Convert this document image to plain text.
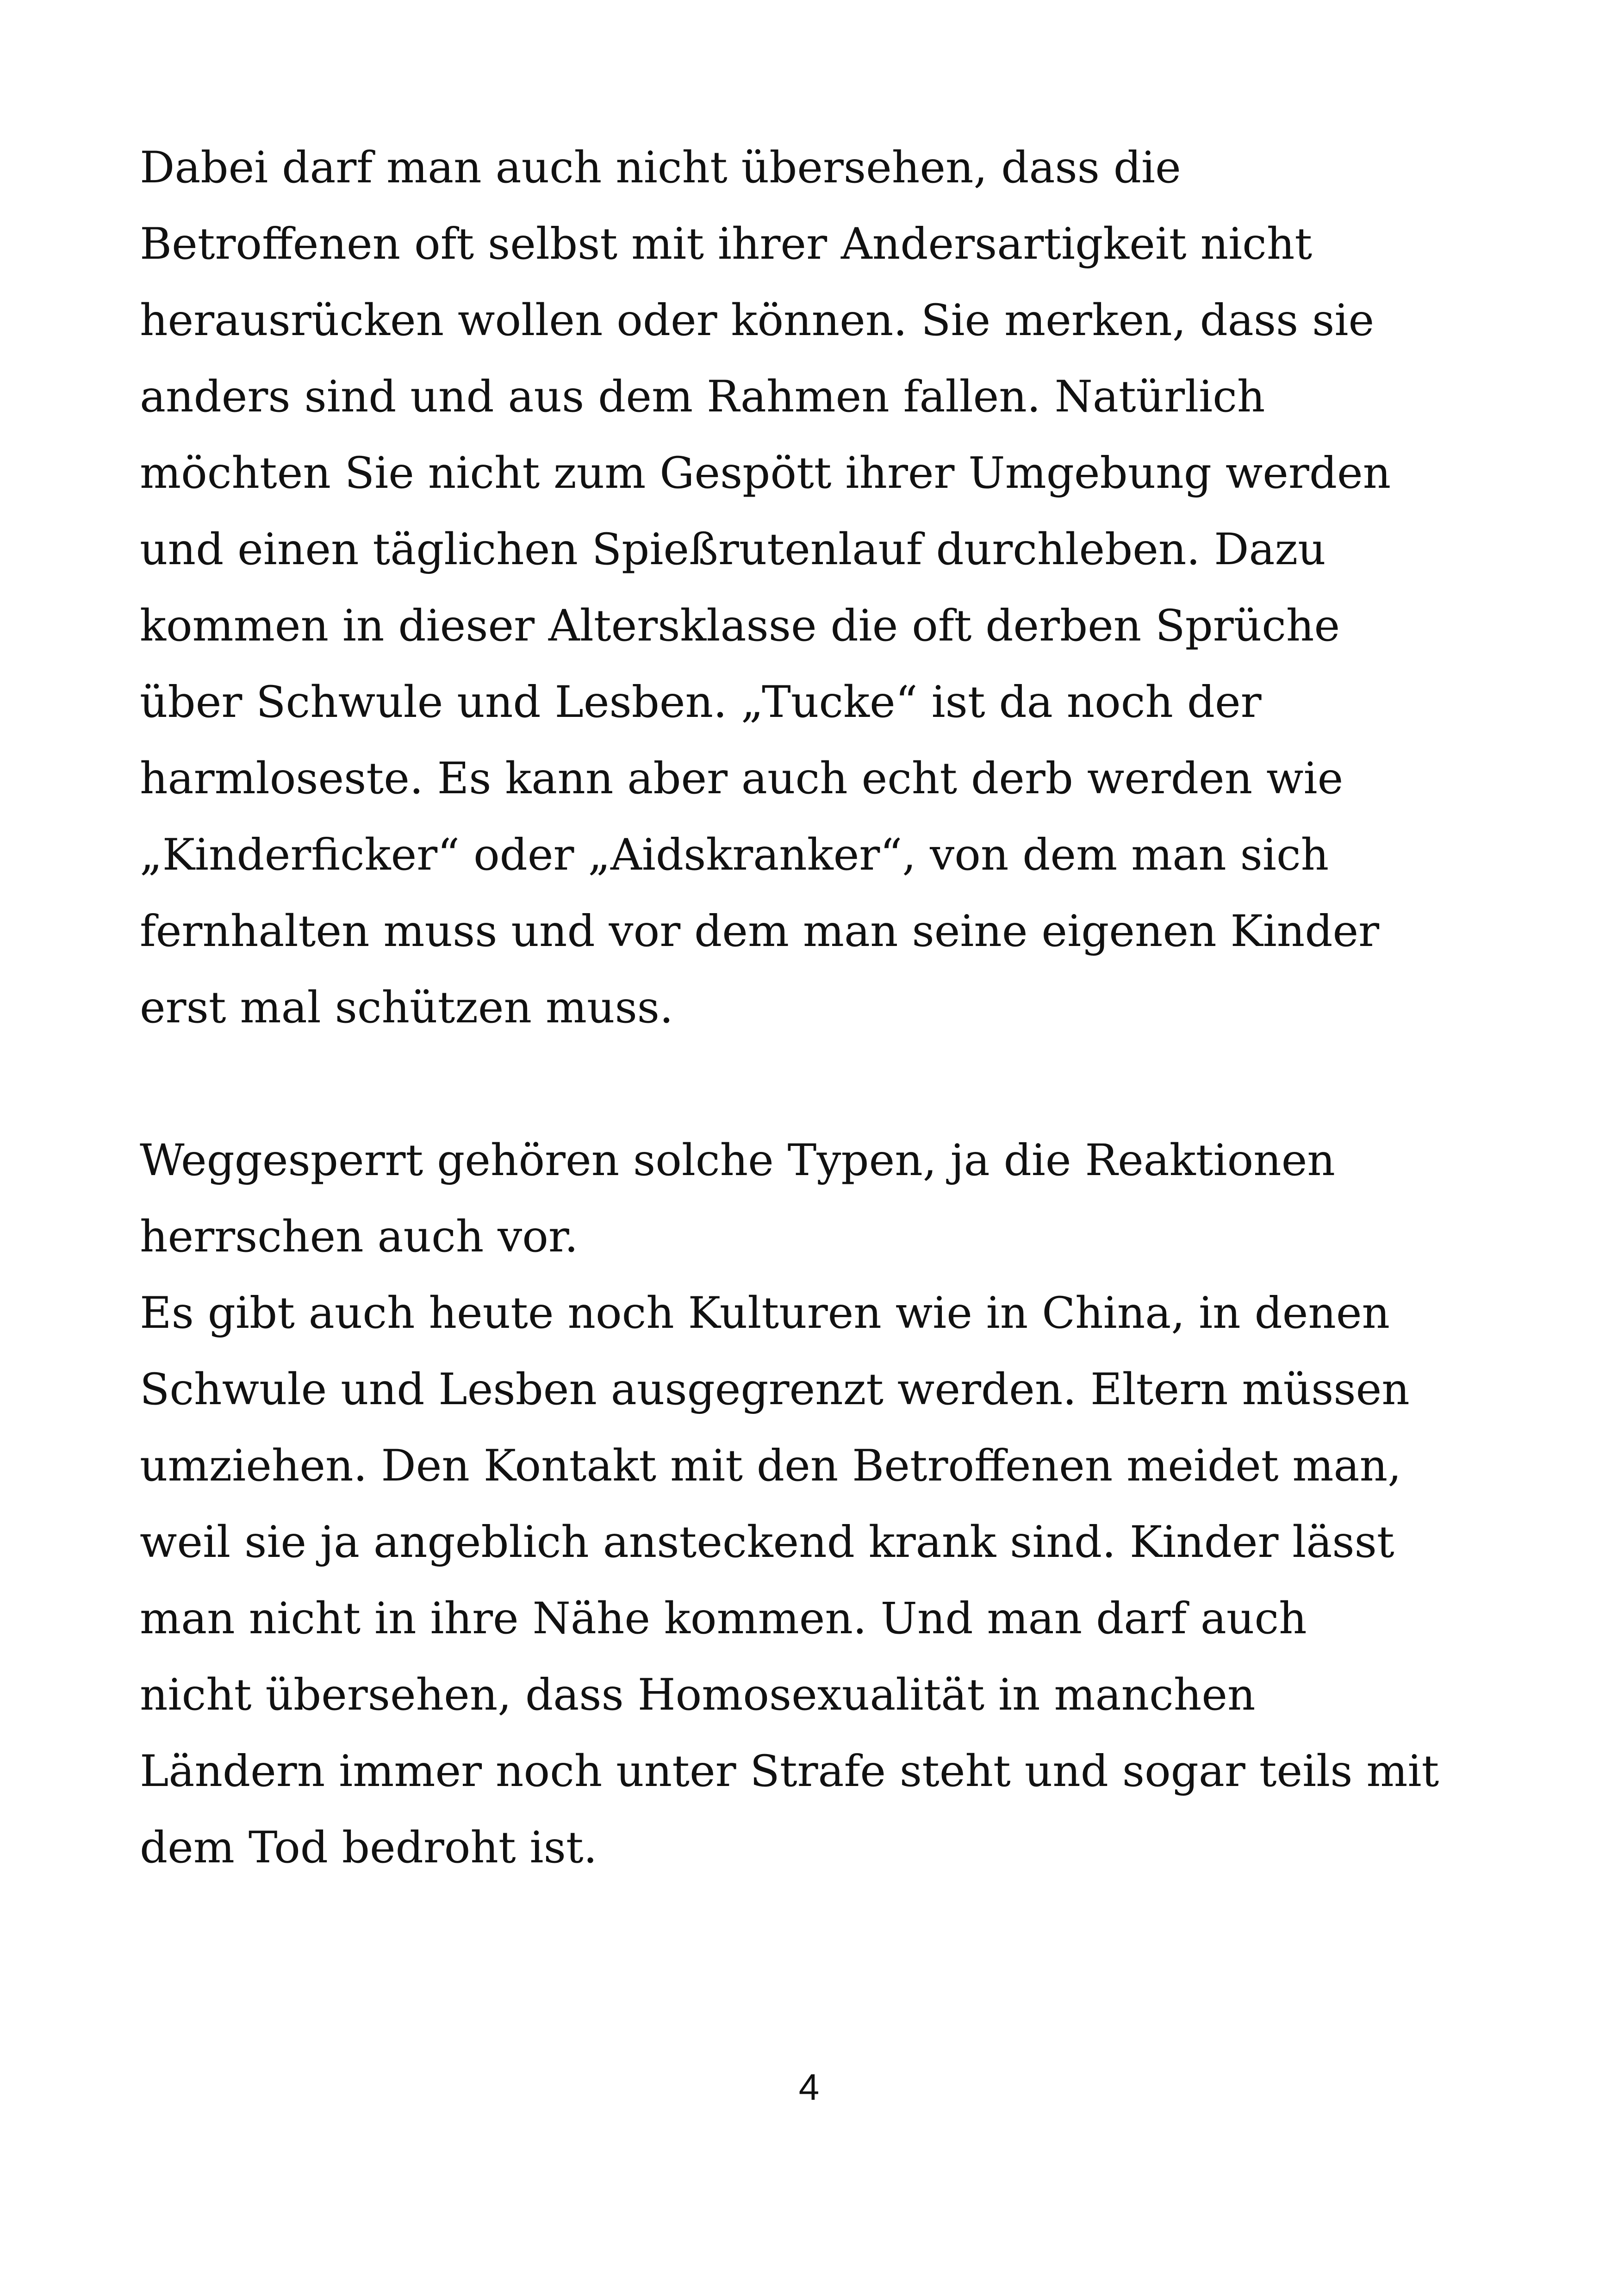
Dabei darf man auch nicht übersehen, dass die
Betroffenen oft selbst mit ihrer Andersartigkeit nicht
herausrücken wollen oder können. Sie merken, dass sie
anders sind und aus dem Rahmen fallen. Natürlich
möchten Sie nicht zum Gespött ihrer Umgebung werden
und einen täglichen Spießrutenlauf durchleben. Dazu
kommen in dieser Altersklasse die oft derben Sprüche
über Schwule und Lesben. „Tucke“ ist da noch der
harmloseste. Es kann aber auch echt derb werden wie
„Kinderficker“ oder „Aidskranker“, von dem man sich
fernhalten muss und vor dem man seine eigenen Kinder
erst mal schützen muss.
Weggesperrt gehören solche Typen, ja die Reaktionen
herrschen auch vor.
Es gibt auch heute noch Kulturen wie in China, in denen
Schwule und Lesben ausgegrenzt werden. Eltern müssen
umziehen. Den Kontakt mit den Betroffenen meidet man,
weil sie ja angeblich ansteckend krank sind. Kinder lässt
man nicht in ihre Nähe kommen. Und man darf auch
nicht übersehen, dass Homosexualität in manchen
Ländern immer noch unter Strafe steht und sogar teils mit
dem Tod bedroht ist.
4
